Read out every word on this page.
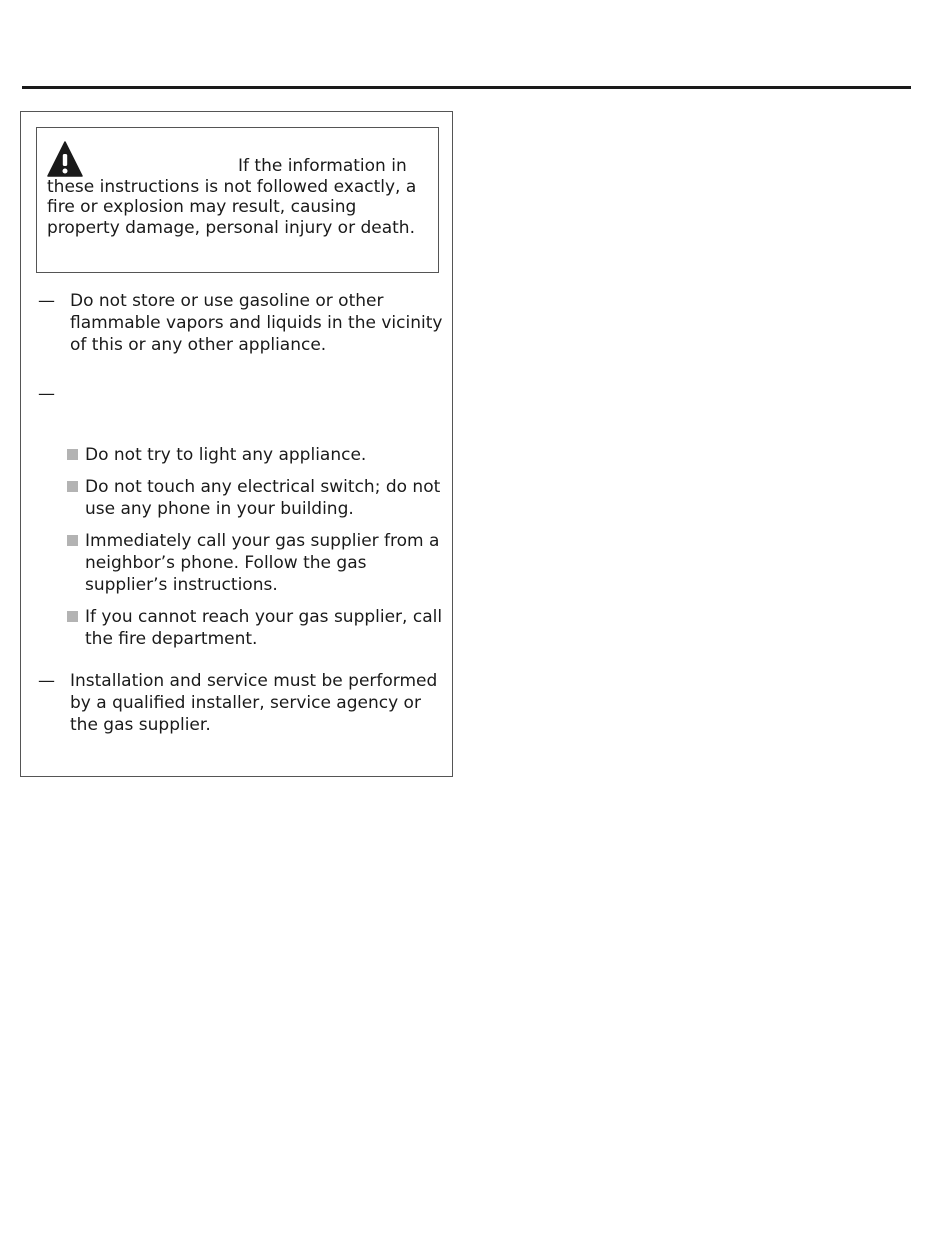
If the information in
these instructions is not followed exactly, a fire or explosion may result, causing property damage, personal injury or death.
— Do not store or use gasoline or other flammable vapors and liquids in the vicinity of this or any other appliance.
—
Do not try to light any appliance.
Do not touch any electrical switch; do not use any phone in your building.
Immediately call your gas supplier from a neighbor’s phone. Follow the gas supplier’s instructions.
If you cannot reach your gas supplier, call the fire department.
— Installation and service must be performed by a qualified installer, service agency or the gas supplier.
